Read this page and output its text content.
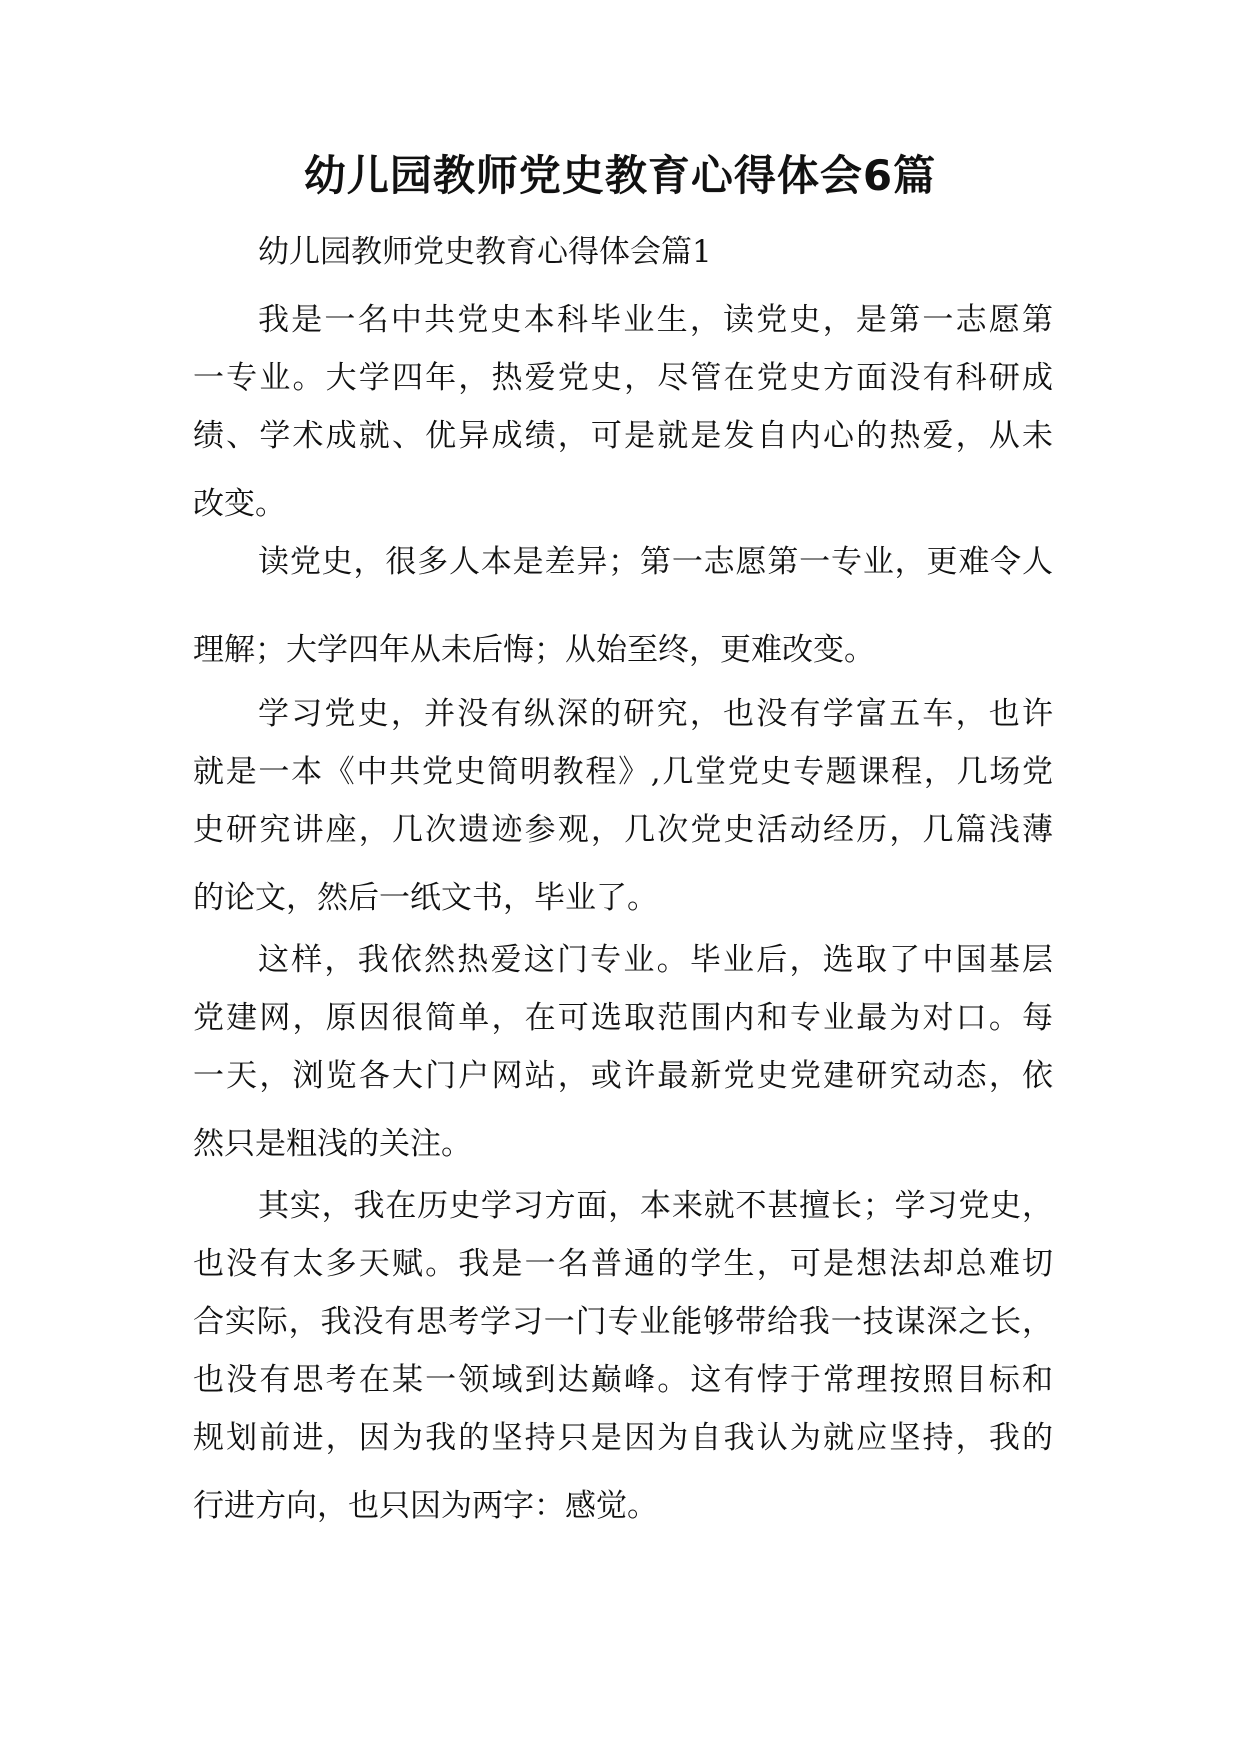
幼儿园教师党史教育心得体会6篇

幼儿园教师党史教育心得体会篇1

我是一名中共党史本科毕业生，读党史，是第一志愿第

一专业。大学四年，热爱党史，尽管在党史方面没有科研成

绩、学术成就、优异成绩，可是就是发自内心的热爱，从未

改变。

读党史，很多人本是差异；第一志愿第一专业，更难令人

理解；大学四年从未后悔；从始至终，更难改变。

学习党史，并没有纵深的研究，也没有学富五车，也许

就是一本《中共党史简明教程》,几堂党史专题课程，几场党

史研究讲座，几次遗迹参观，几次党史活动经历，几篇浅薄

的论文，然后一纸文书，毕业了。

这样，我依然热爱这门专业。毕业后，选取了中国基层

党建网，原因很简单，在可选取范围内和专业最为对口。每

一天，浏览各大门户网站，或许最新党史党建研究动态，依

然只是粗浅的关注。

其实，我在历史学习方面，本来就不甚擅长；学习党史，

也没有太多天赋。我是一名普通的学生，可是想法却总难切

合实际，我没有思考学习一门专业能够带给我一技谋深之长，

也没有思考在某一领域到达巅峰。这有悖于常理按照目标和

规划前进，因为我的坚持只是因为自我认为就应坚持，我的

行进方向，也只因为两字：感觉。
